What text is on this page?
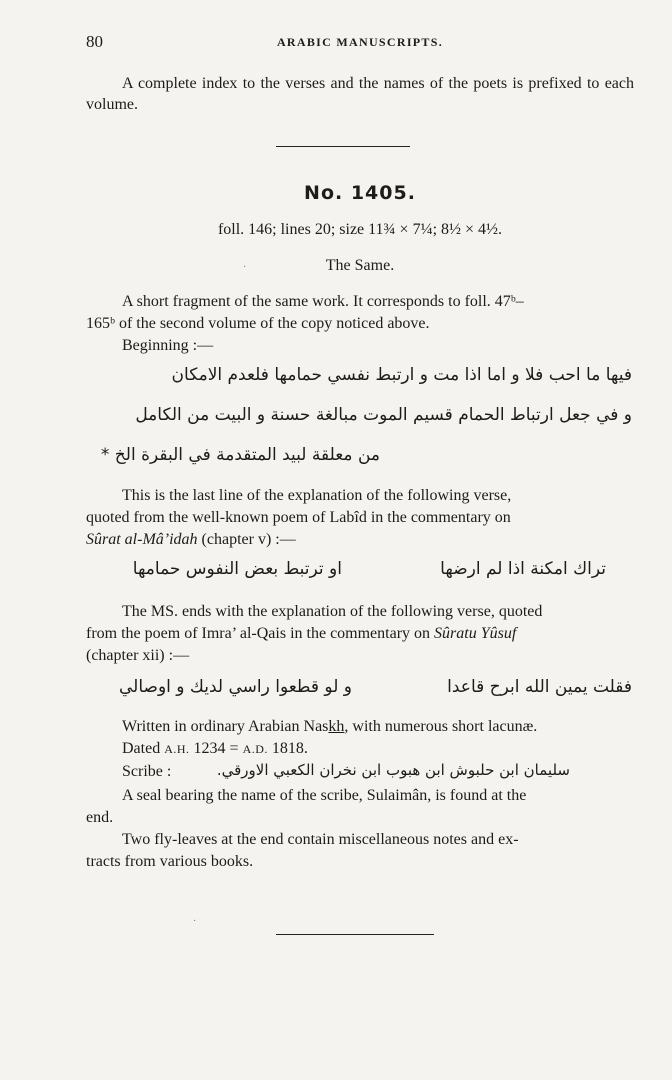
80	ARABIC MANUSCRIPTS.
A complete index to the verses and the names of the poets is prefixed to each volume.
No. 1405.
foll. 146; lines 20; size 11¾ × 7¼; 8½ × 4½.
The Same.
A short fragment of the same work. It corresponds to foll. 47ᵇ–
165ᵇ of the second volume of the copy noticed above.
Beginning :—
فيها ما احب فلا و اما اذا مت و ارتبط نفسي حمامها فلعدم الامكان
و في جعل ارتباط الحمام قسيم الموت مبالغة حسنة و البيت من الكامل
من معلقة لبيد المتقدمة في البقرة الخ *
This is the last line of the explanation of the following verse,
quoted from the well-known poem of Labîd in the commentary on
Sûrat al-Mâ’idah (chapter v) :—
تراك امكنة اذا لم ارضها
او ترتبط بعض النفوس حمامها
The MS. ends with the explanation of the following verse, quoted
from the poem of Imra’ al-Qais in the commentary on Sûratu Yûsuf
(chapter xii) :—
فقلت يمين الله ابرح قاعدا
و لو قطعوا راسي لديك و اوصالي
Written in ordinary Arabian Naskh, with numerous short lacunæ.
Dated A.H. 1234 = A.D. 1818.
Scribe :	سليمان ابن حلبوش ابن هبوب ابن نخران الكعبي الاورقي.
A seal bearing the name of the scribe, Sulaimân, is found at the
end.
Two fly-leaves at the end contain miscellaneous notes and ex-
tracts from various books.
·
·
